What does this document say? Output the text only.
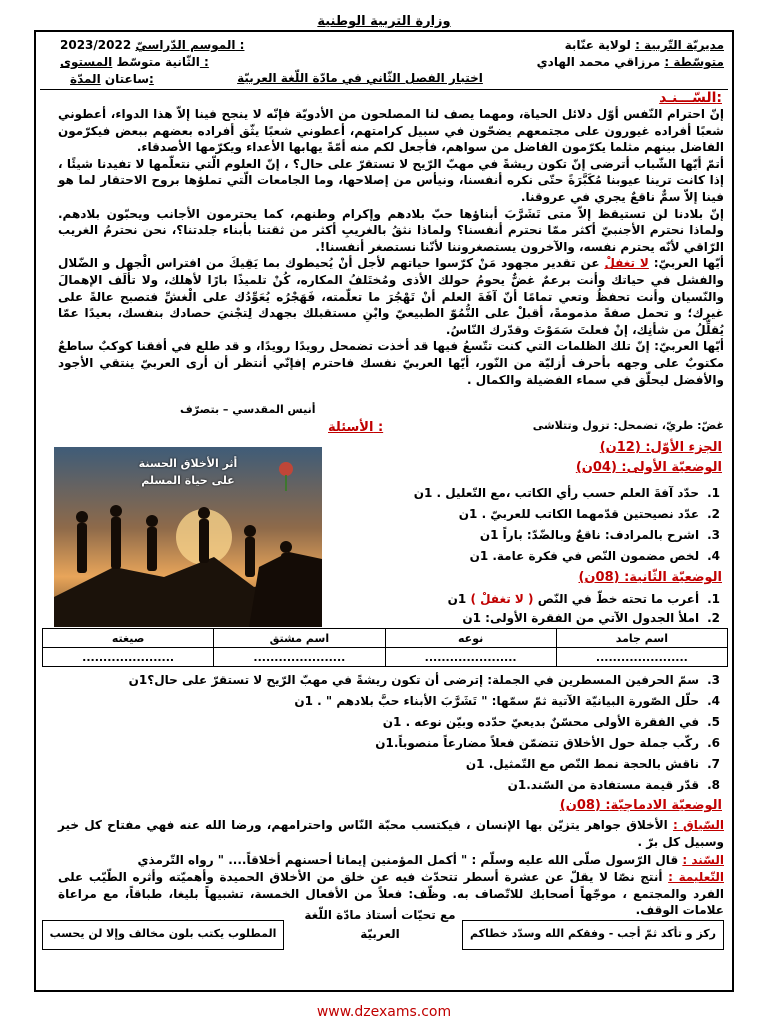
وزارة التربية الوطنية
مديريّة التّربية : لولاية عنّابة
متوسّطة : مرزاقي محمد الهادي
2023/2022 الموسم الدّراسيّ :
الثّانية متوسّط المستوى :
ساعتان المدّة:	اختبار الفصل الثّاني في مادّة اللّغة العربيّة
السّـــنـد:
إنّ احترام النّفس أوّل دلائل الحياة، ومهما يصف لنا المصلحون من الأدويّة فإنّه لا ينجح فينا إلاّ هذا الدواء، أعطوني شعبًا أفراده غيورون على مجتمعهم يضحّون في سبيل كرامتهم، أعطوني شعبًا يثّق أفراده بعضهم ببعض فيكرّمون الفاضل بينهم مثلما يكرّمون الفاضل من سواهم، فأجعل لكم منه أمّةً يهابها الأعداء ويكرّمها الأصدقاء.
أتمّ أيّها الشّباب أترضى إنّ تكون ريشةً في مهبّ الرّيح لا تستقرّ على حال؟ ، إنّ العلوم الّتي نتعلّمها لا تفيدنا شيئًا ، إذا كانت ترينا عيوبنا مُكَبَّرَةً حتّى نكره أنفسنا، ونيأس من إصلاحها، وما الجامعات الّتي تملؤها بروح الاحتقار لما هو فينا إلاّ سمٌّ ناقعٌ يجري في عروقنا.
إنّ بلادنا لن تستيقظ إلاّ متى تَشَرَّبَ أبناؤها حبّ بلادهم وإكرام وطنهم، كما يحترمون الأجانب ويحبّون بلادهم. ولماذا نحترم الأجنبيّ أكثر ممّا نحترم أنفسنا؟ ولماذا نثقُ بالغريبِ أكثر من ثقتنا بأبناء جلدتنا؟، نحن نحترمُ الغريب الرّاقي لأنّه يحترم نفسه، والآخرون يستصغروننا لأنّنا نستصغر أنفسنا!.
أيّها العربيّ: لا تغفلْ عن تقدير مجهود مَنْ كرّسوا حياتهم لأجل أنْ يُحيطوك بما يَقِيكَ من افتراس الْجهل و الضّلال والفشل في حياتك وأنت برعمٌ غضٌّ يحومُ حولك الأذى ومُختَلفُ المكاره، كُنْ تلميذًا بارًا لأهلك، ولا تأْلَف الإهمالَ والنّسيان وأنت تحفظُ وتعي تمامًا أنّ آفَةَ العلم أنْ تَهْجُرَ ما تعلّمته، فَهَجْرُه يُعَوِّدُك على الْغشِّ فتصبح عالةً على غيرك؛ و تحمل صفةً مذمومةً، أقبلْ على النُّمُوّ الطبيعيّ وابْنِ مستقبلك بجهدك لِتجْنيَ حصادك بنفسك، بعيدًا عمّا يُقلِّلُ من شأنِك، إنْ فعلتَ سَمَوْتَ وقدّرك النّاسُ.
أيّها العربيّ: إنّ تلك الظلمات التي كنت تتّسعُ فيها قد أخذت تضمحل رويدًا رويدًا، و قد طلع في أفقنا كوكبٌ ساطعٌ مكتوبٌ على وجهه بأحرف أزليّة من النّور، أيّها العربيّ نفسك فاحترم إفإنّي أنتظر أن أرى العربيّ ينتقي الأجود والأفضل ليحلّق في سماء الفضيلة والكمال .
أنيس المقدسي – بتصرّف
غضّ: طريّ، تضمحل: تزول وتتلاشى
الأسئلة :
الجزء الأوّل: (12ن)
أثر الأخلاق الحسنة
على حياة المسلم
الوضعيّة الأولى: (04ن)
1.حدّد آفةَ العلم حسب رأي الكاتب ،مع التّعليل . 1ن
2.عدّد نصيحتين قدّمهما الكاتب للعربيّ . 1ن
3.اشرح بالمرادف: ناقعٌ وبالضّدّ: باراً 1ن
4.لخص مضمون النّص في فكرة عامة. 1ن
الوضعيّة الثّانية: (08ن)
1.أعرب ما تحته خطّ في النّص ( لا تغفلْ ) 1ن
2.املأ الجدول الآتي من الفقرة الأولى: 1ن
اسم جامد	نوعه	اسم مشتق	صيغته
......................	......................	......................	......................
3.سمّ الحرفين المسطرين في الجملة: إترضى أن تكون ريشةً في مهبّ الرّيح لا تستقرّ على حال؟1ن
4.حلّل الصّورة البيانيّة الآتية ثمّ سمّها: " تَشَرَّبَ الأبناء حبَّ بلادهم " . 1ن
5.في الفقرة الأولى محسّنٌ بديعيّ حدّده وبيّن نوعه . 1ن
6.ركّب جملة حول الأخلاق تتضمّن فعلاً مضارعاً منصوباً.1ن
7.ناقش بالحجة نمط النّص مع التّمثيل. 1ن
8.قدّر قيمة مستفادة من السّند.1ن
الوضعيّة الادماجيّة: (08ن)
السّياق : الأخلاق جواهر يتزيّن بها الإنسان ، فيكتسب محبّة النّاس واحترامهم، ورضا الله عنه فهي مفتاح كل خير وسبيل كل برّ .
السّند : قال الرّسول صلّى الله عليه وسلّم : " أكمل المؤمنين إيمانا أحسنهم أخلاقاً.... " رواه التّرمذي
التّعليمة : أنتج نصّا لا يقلّ عن عشرة أسطر تتحدّث فيه عن خلق من الأخلاق الحميدة وأهميّته وأثره الطّيّب على الفرد والمجتمع ، موجّهاً أصحابك للاتّصاف به. وظّف: فعلاً من الأفعال الخمسة، تشبيهاً بليغا، طباقاً، مع مراعاة علامات الوقف.
مع تحيّات أستاذ مادّة اللّغة
العربيّة	ركز و تأكد ثمّ أجب - وفقكم الله وسدّد خطاكم
المطلوب يكتب بلون مخالف وإلا لن يحسب
www.dzexams.com
